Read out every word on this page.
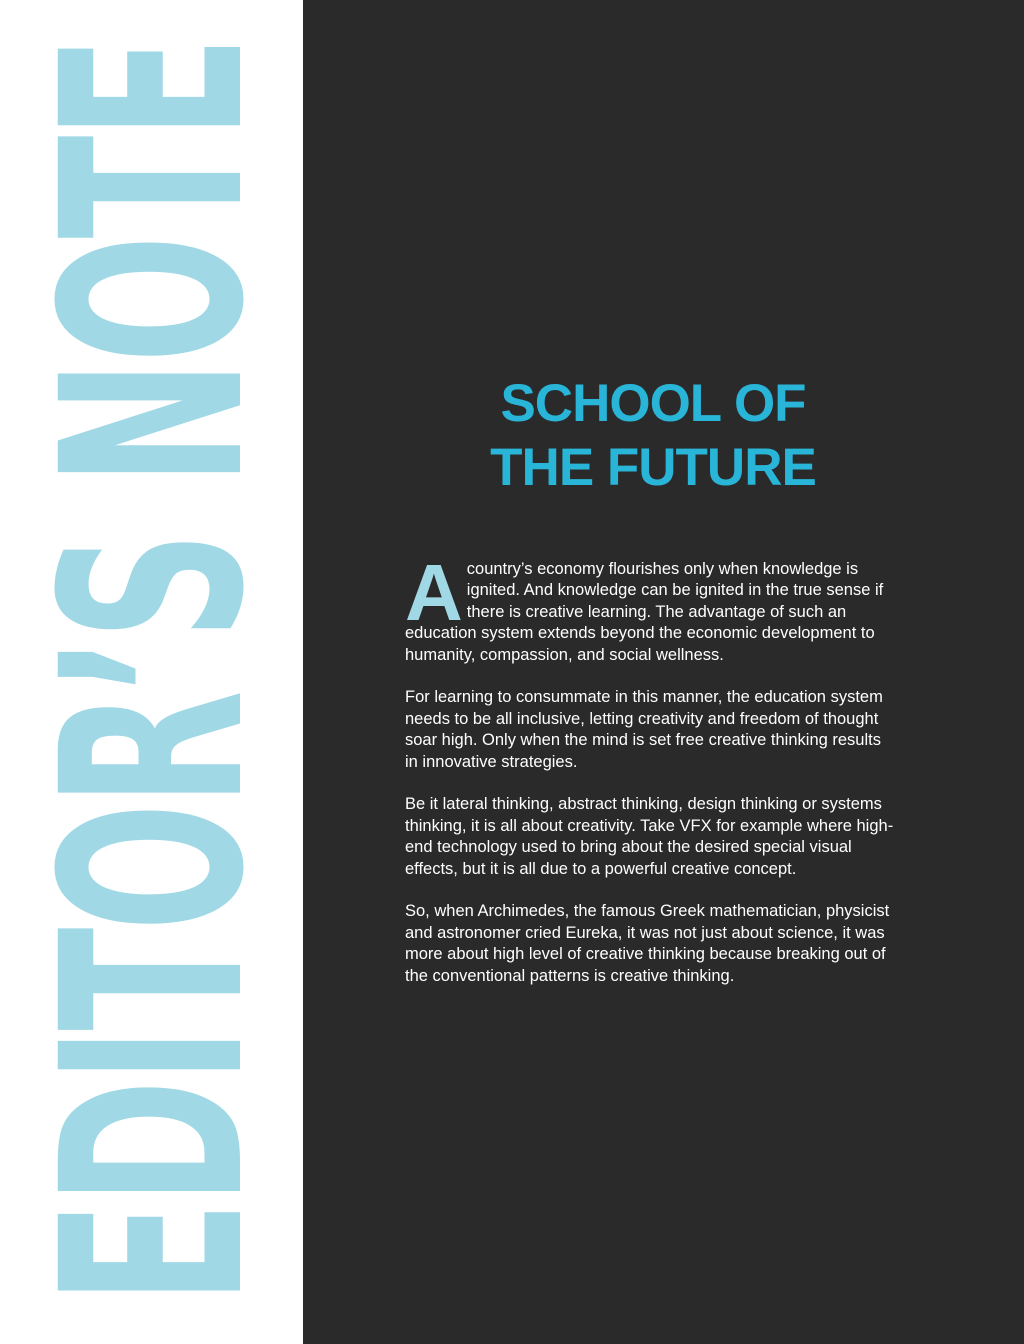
EDITOR’S NOTE	SCHOOL OF
THE FUTURE

A country’s economy flourishes only when knowledge is ignited. And knowledge can be ignited in the true sense if there is creative learning. The advantage of such an education system extends beyond the economic development to humanity, compassion, and social wellness.

For learning to consummate in this manner, the education system needs to be all inclusive, letting creativity and freedom of thought soar high. Only when the mind is set free creative thinking results in innovative strategies.

Be it lateral thinking, abstract thinking, design thinking or systems thinking, it is all about creativity. Take VFX for example where high-end technology used to bring about the desired special visual effects, but it is all due to a powerful creative concept.

So, when Archimedes, the famous Greek mathematician, physicist and astronomer cried Eureka, it was not just about science, it was more about high level of creative thinking because breaking out of the conventional patterns is creative thinking.
